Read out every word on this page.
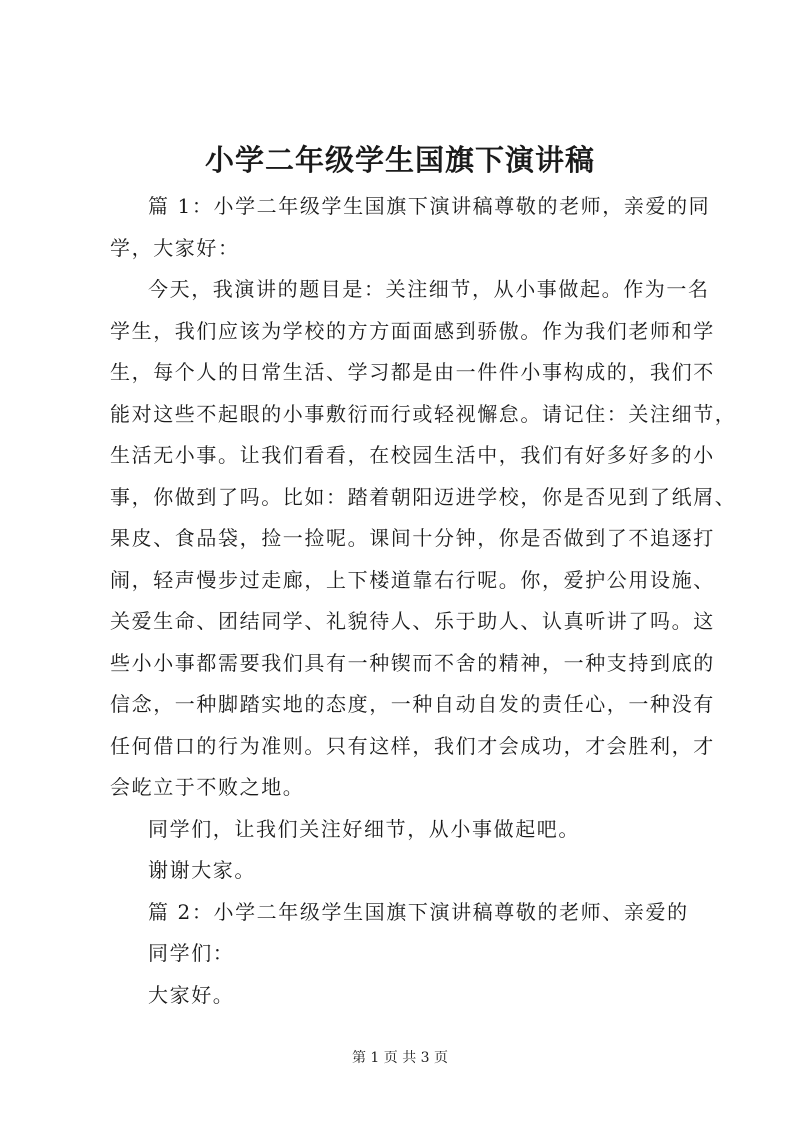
小学二年级学生国旗下演讲稿
篇 1：小学二年级学生国旗下演讲稿尊敬的老师，亲爱的同
学，大家好：
今天，我演讲的题目是：关注细节，从小事做起。作为一名
学生，我们应该为学校的方方面面感到骄傲。作为我们老师和学
生，每个人的日常生活、学习都是由一件件小事构成的，我们不
能对这些不起眼的小事敷衍而行或轻视懈怠。请记住：关注细节，
生活无小事。让我们看看，在校园生活中，我们有好多好多的小
事，你做到了吗。比如：踏着朝阳迈进学校，你是否见到了纸屑、
果皮、食品袋，捡一捡呢。课间十分钟，你是否做到了不追逐打
闹，轻声慢步过走廊，上下楼道靠右行呢。你，爱护公用设施、
关爱生命、团结同学、礼貌待人、乐于助人、认真听讲了吗。这
些小小事都需要我们具有一种锲而不舍的精神，一种支持到底的
信念，一种脚踏实地的态度，一种自动自发的责任心，一种没有
任何借口的行为准则。只有这样，我们才会成功，才会胜利，才
会屹立于不败之地。
同学们，让我们关注好细节，从小事做起吧。
谢谢大家。
篇 2：小学二年级学生国旗下演讲稿尊敬的老师、亲爱的
同学们：
大家好。
第 1 页 共 3 页
